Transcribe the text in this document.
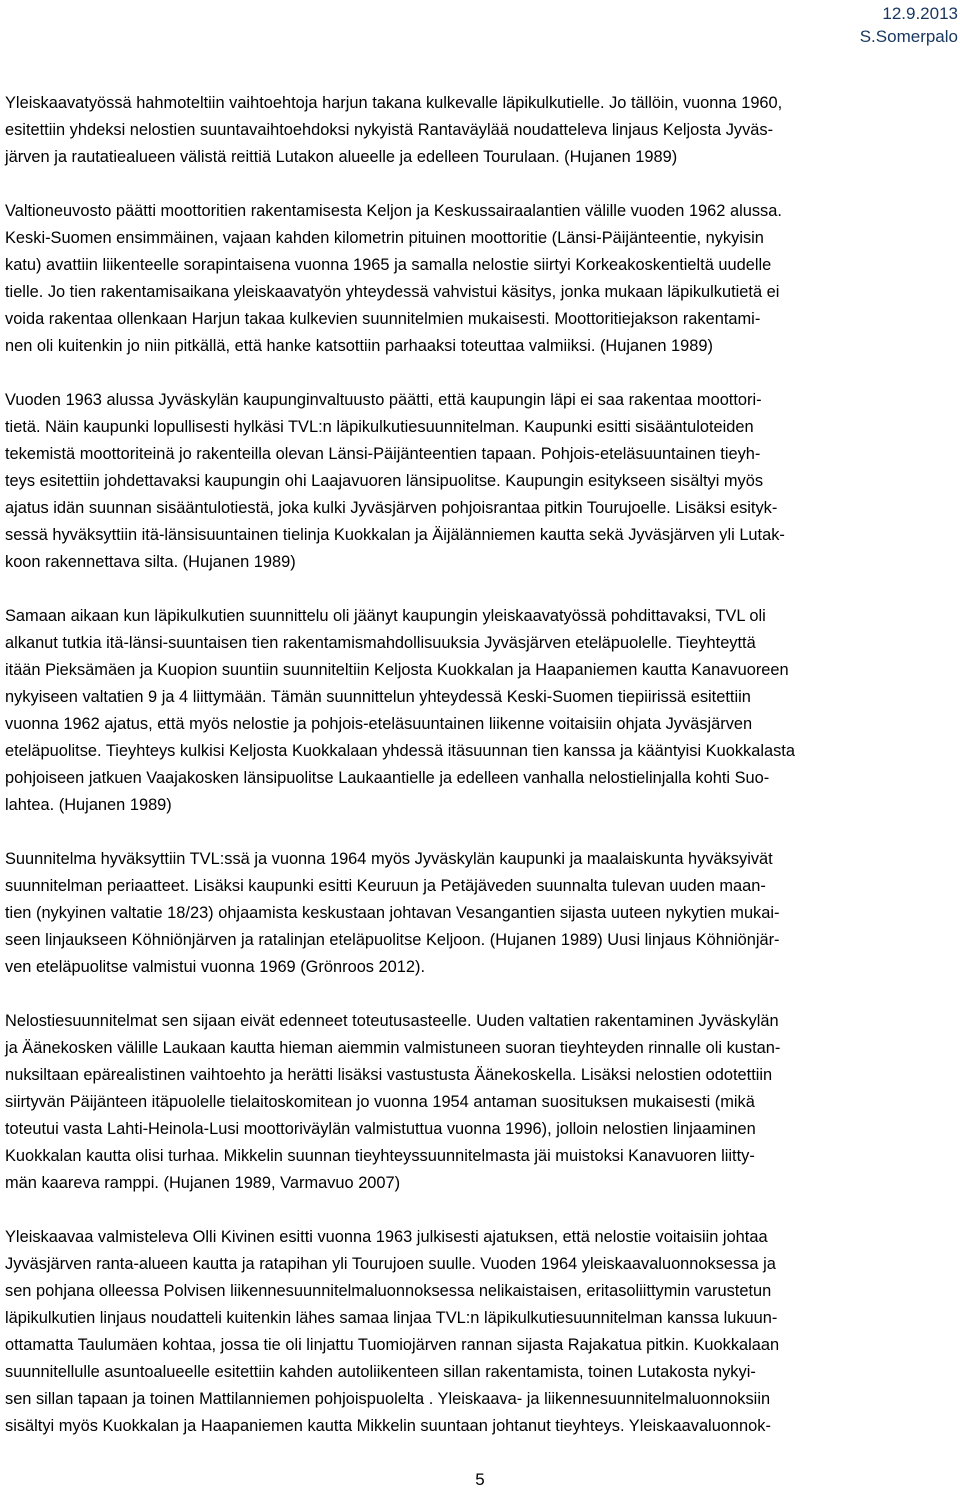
12.9.2013
S.Somerpalo

Yleiskaavatyössä hahmoteltiin vaihtoehtoja harjun takana kulkevalle läpikulkutielle. Jo tällöin, vuonna 1960,

esitettiin yhdeksi nelostien suuntavaihtoehdoksi nykyistä Rantaväylää noudatteleva linjaus Keljosta Jyväs-

järven ja rautatiealueen välistä reittiä Lutakon alueelle ja edelleen Tourulaan. (Hujanen 1989)

Valtioneuvosto päätti moottoritien rakentamisesta Keljon ja Keskussairaalantien välille vuoden 1962 alussa.

Keski-Suomen ensimmäinen, vajaan kahden kilometrin pituinen moottoritie (Länsi-Päijänteentie, nykyisin

katu) avattiin liikenteelle sorapintaisena vuonna 1965 ja samalla nelostie siirtyi Korkeakoskentieltä uudelle

tielle. Jo tien rakentamisaikana yleiskaavatyön yhteydessä vahvistui käsitys, jonka mukaan läpikulkutietä ei

voida rakentaa ollenkaan Harjun takaa kulkevien suunnitelmien mukaisesti. Moottoritiejakson rakentami-

nen oli kuitenkin jo niin pitkällä, että hanke katsottiin parhaaksi toteuttaa valmiiksi. (Hujanen 1989)

Vuoden 1963 alussa Jyväskylän kaupunginvaltuusto päätti, että kaupungin läpi ei saa rakentaa moottori-

tietä. Näin kaupunki lopullisesti hylkäsi TVL:n läpikulkutiesuunnitelman. Kaupunki esitti sisääntuloteiden

tekemistä moottoriteinä jo rakenteilla olevan Länsi-Päijänteentien tapaan. Pohjois-eteläsuuntainen tieyh-

teys esitettiin johdettavaksi kaupungin ohi Laajavuoren länsipuolitse. Kaupungin esitykseen sisältyi myös

ajatus idän suunnan sisääntulotiestä, joka kulki Jyväsjärven pohjoisrantaa pitkin Tourujoelle. Lisäksi esityk-

sessä hyväksyttiin itä-länsisuuntainen tielinja Kuokkalan ja Äijälänniemen kautta sekä Jyväsjärven yli Lutak-

koon rakennettava silta. (Hujanen 1989)

Samaan aikaan kun läpikulkutien suunnittelu oli jäänyt kaupungin yleiskaavatyössä pohdittavaksi, TVL oli

alkanut tutkia itä-länsi-suuntaisen tien rakentamismahdollisuuksia Jyväsjärven eteläpuolelle. Tieyhteyttä

itään Pieksämäen ja Kuopion suuntiin suunniteltiin Keljosta Kuokkalan ja Haapaniemen kautta Kanavuoreen

nykyiseen valtatien 9 ja 4 liittymään. Tämän suunnittelun yhteydessä Keski-Suomen tiepiirissä esitettiin

vuonna 1962 ajatus, että myös nelostie ja pohjois-eteläsuuntainen liikenne voitaisiin ohjata Jyväsjärven

eteläpuolitse. Tieyhteys kulkisi Keljosta Kuokkalaan yhdessä itäsuunnan tien kanssa ja kääntyisi Kuokkalasta

pohjoiseen jatkuen Vaajakosken länsipuolitse Laukaantielle ja edelleen vanhalla nelostielinjalla kohti Suo-

lahtea. (Hujanen 1989)

Suunnitelma hyväksyttiin TVL:ssä ja vuonna 1964 myös Jyväskylän kaupunki ja maalaiskunta hyväksyivät

suunnitelman periaatteet. Lisäksi kaupunki esitti Keuruun ja Petäjäveden suunnalta tulevan uuden maan-

tien (nykyinen valtatie 18/23) ohjaamista keskustaan johtavan Vesangantien sijasta uuteen nykytien mukai-

seen linjaukseen Köhniönjärven ja ratalinjan eteläpuolitse Keljoon. (Hujanen 1989) Uusi linjaus Köhniönjär-

ven eteläpuolitse valmistui vuonna 1969 (Grönroos 2012).

Nelostiesuunnitelmat sen sijaan eivät edenneet toteutusasteelle. Uuden valtatien rakentaminen Jyväskylän

ja Äänekosken välille Laukaan kautta hieman aiemmin valmistuneen suoran tieyhteyden rinnalle oli kustan-

nuksiltaan epärealistinen vaihtoehto ja herätti lisäksi vastustusta Äänekoskella. Lisäksi nelostien odotettiin

siirtyvän Päijänteen itäpuolelle tielaitoskomitean jo vuonna 1954 antaman suosituksen mukaisesti (mikä

toteutui vasta Lahti-Heinola-Lusi moottoriväylän valmistuttua vuonna 1996), jolloin nelostien linjaaminen

Kuokkalan kautta olisi turhaa. Mikkelin suunnan tieyhteyssuunnitelmasta jäi muistoksi Kanavuoren liitty-

män kaareva ramppi. (Hujanen 1989, Varmavuo 2007)

Yleiskaavaa valmisteleva Olli Kivinen esitti vuonna 1963 julkisesti ajatuksen, että nelostie voitaisiin johtaa

Jyväsjärven ranta-alueen kautta ja ratapihan yli Tourujoen suulle. Vuoden 1964 yleiskaavaluonnoksessa ja

sen pohjana olleessa Polvisen liikennesuunnitelmaluonnoksessa nelikaistaisen, eritasoliittymin varustetun

läpikulkutien linjaus noudatteli kuitenkin lähes samaa linjaa TVL:n läpikulkutiesuunnitelman kanssa lukuun-

ottamatta Taulumäen kohtaa, jossa tie oli linjattu Tuomiojärven rannan sijasta Rajakatua pitkin. Kuokkalaan

suunnitellulle asuntoalueelle esitettiin kahden autoliikenteen sillan rakentamista, toinen Lutakosta nykyi-

sen sillan tapaan ja toinen Mattilanniemen pohjoispuolelta . Yleiskaava- ja liikennesuunnitelmaluonnoksiin

sisältyi myös Kuokkalan ja Haapaniemen kautta Mikkelin suuntaan johtanut tieyhteys. Yleiskaavaluonnok-

5
